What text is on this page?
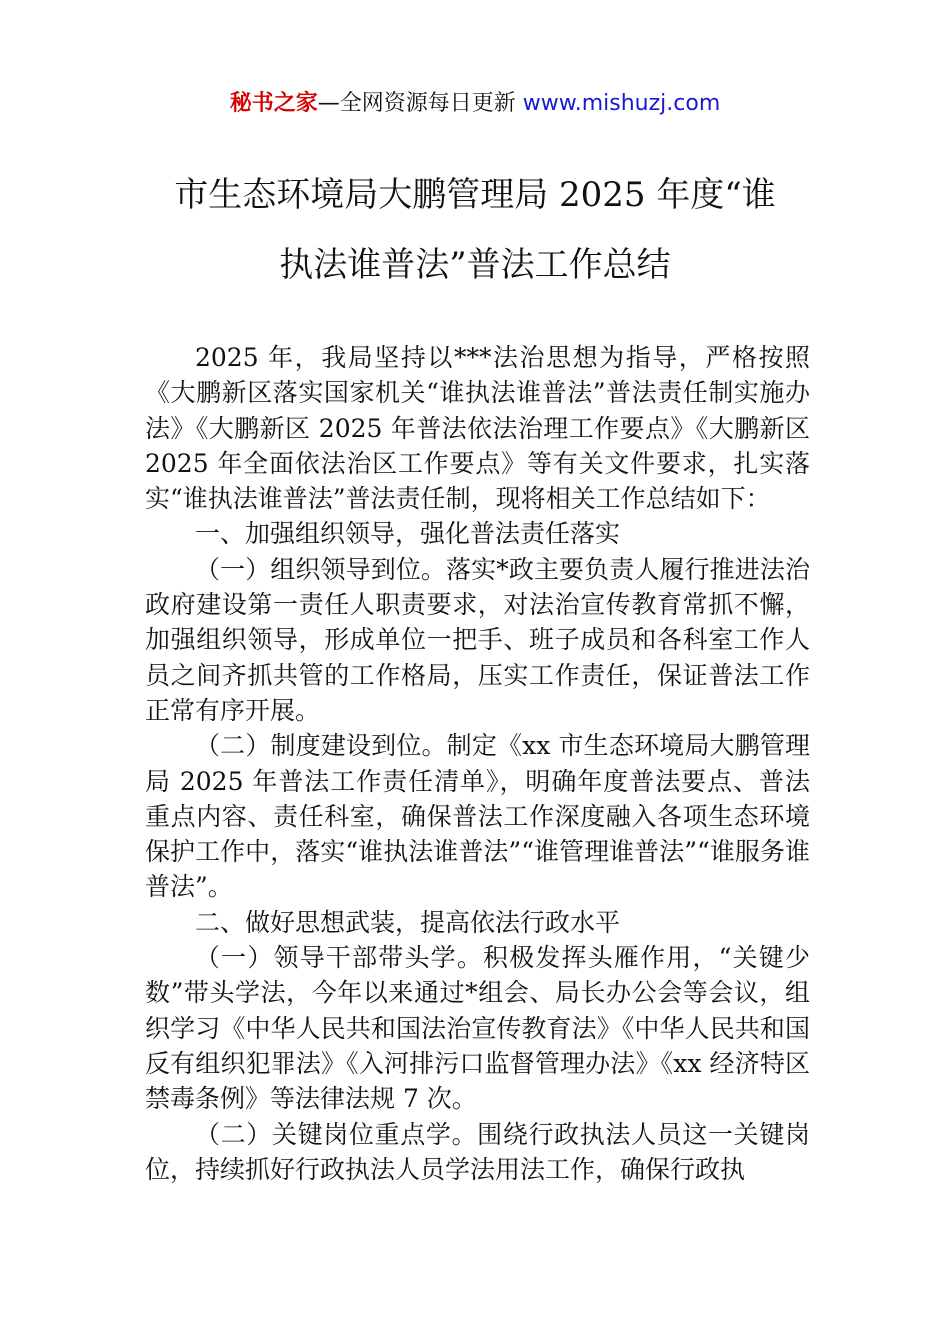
秘书之家—全网资源每日更新 www.mishuzj.com
市生态环境局大鹏管理局 2025 年度“谁
执法谁普法”普法工作总结

2025 年，我局坚持以***法治思想为指导，严格按照《大鹏新区落实国家机关“谁执法谁普法”普法责任制实施办法》《大鹏新区 2025 年普法依法治理工作要点》《大鹏新区 2025 年全面依法治区工作要点》等有关文件要求，扎实落实“谁执法谁普法”普法责任制，现将相关工作总结如下：

一、加强组织领导，强化普法责任落实

（一）组织领导到位。落实*政主要负责人履行推进法治政府建设第一责任人职责要求，对法治宣传教育常抓不懈，加强组织领导，形成单位一把手、班子成员和各科室工作人员之间齐抓共管的工作格局，压实工作责任，保证普法工作正常有序开展。

（二）制度建设到位。制定《xx 市生态环境局大鹏管理局 2025 年普法工作责任清单》，明确年度普法要点、普法重点内容、责任科室，确保普法工作深度融入各项生态环境保护工作中，落实“谁执法谁普法”“谁管理谁普法”“谁服务谁普法”。

二、做好思想武装，提高依法行政水平

（一）领导干部带头学。积极发挥头雁作用，“关键少数”带头学法，今年以来通过*组会、局长办公会等会议，组织学习《中华人民共和国法治宣传教育法》《中华人民共和国反有组织犯罪法》《入河排污口监督管理办法》《xx 经济特区禁毒条例》等法律法规 7 次。

（二）关键岗位重点学。围绕行政执法人员这一关键岗位，持续抓好行政执法人员学法用法工作，确保行政执
